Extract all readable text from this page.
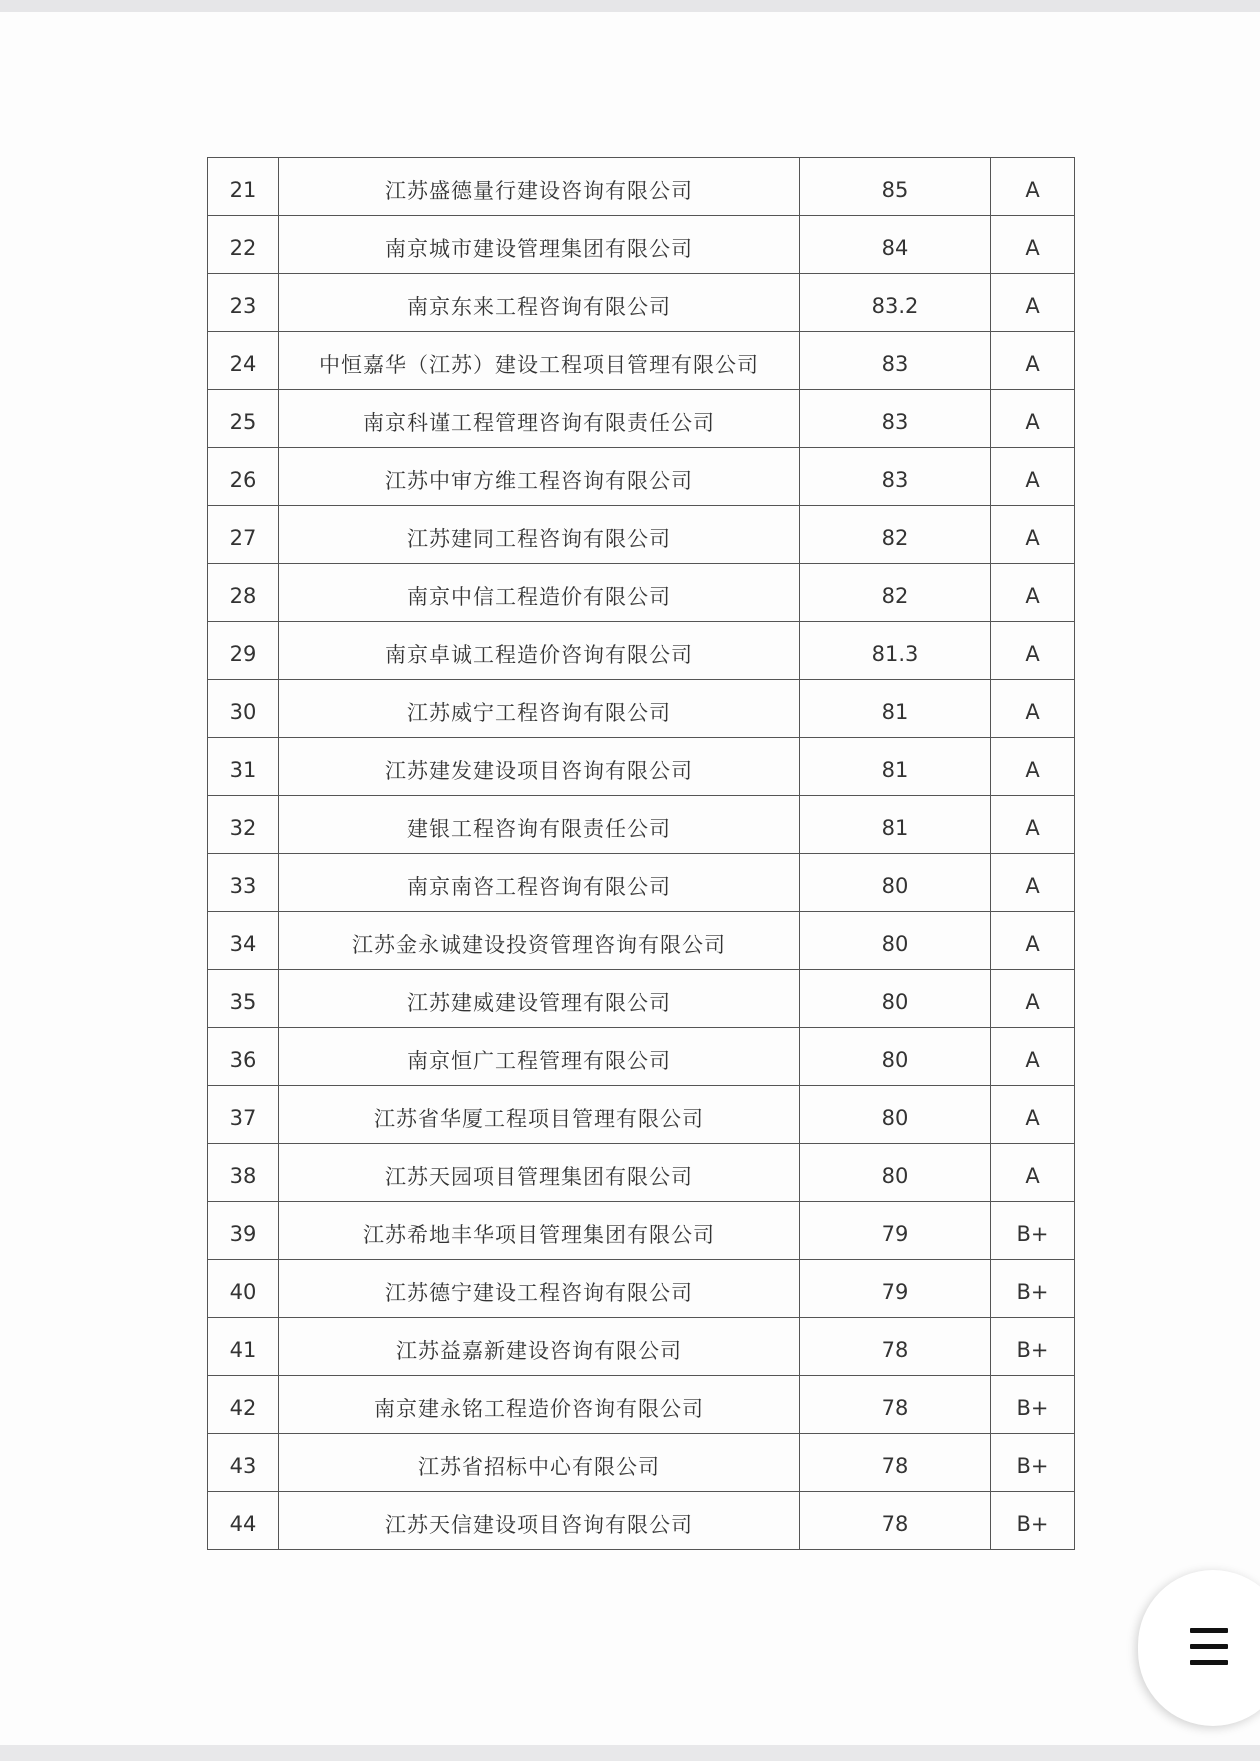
21	江苏盛德量行建设咨询有限公司	85	A
22	南京城市建设管理集团有限公司	84	A
23	南京东来工程咨询有限公司	83.2	A
24	中恒嘉华（江苏）建设工程项目管理有限公司	83	A
25	南京科谨工程管理咨询有限责任公司	83	A
26	江苏中审方维工程咨询有限公司	83	A
27	江苏建同工程咨询有限公司	82	A
28	南京中信工程造价有限公司	82	A
29	南京卓诚工程造价咨询有限公司	81.3	A
30	江苏威宁工程咨询有限公司	81	A
31	江苏建发建设项目咨询有限公司	81	A
32	建银工程咨询有限责任公司	81	A
33	南京南咨工程咨询有限公司	80	A
34	江苏金永诚建设投资管理咨询有限公司	80	A
35	江苏建威建设管理有限公司	80	A
36	南京恒广工程管理有限公司	80	A
37	江苏省华厦工程项目管理有限公司	80	A
38	江苏天园项目管理集团有限公司	80	A
39	江苏希地丰华项目管理集团有限公司	79	B+
40	江苏德宁建设工程咨询有限公司	79	B+
41	江苏益嘉新建设咨询有限公司	78	B+
42	南京建永铭工程造价咨询有限公司	78	B+
43	江苏省招标中心有限公司	78	B+
44	江苏天信建设项目咨询有限公司	78	B+
